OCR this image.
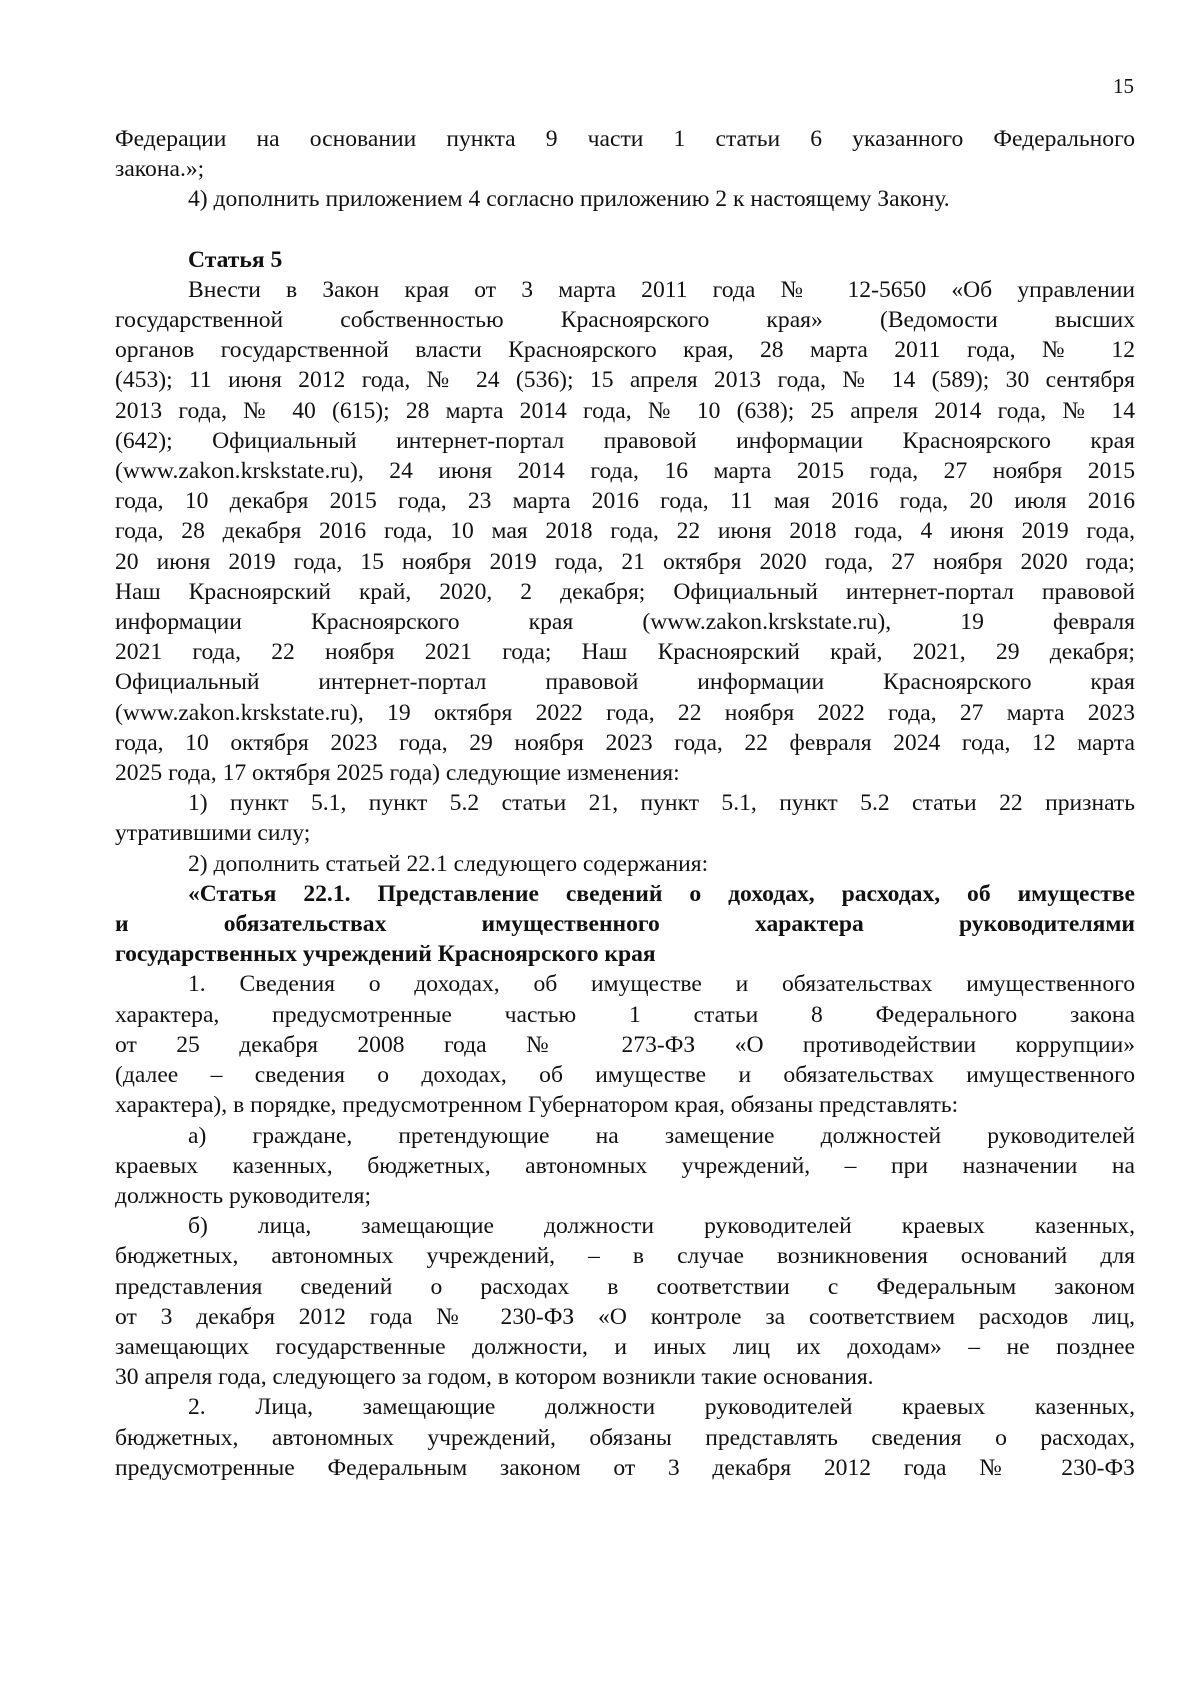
15
Федерации на основании пункта 9 части 1 статьи 6 указанного Федерального
закона.»;
4) дополнить приложением 4 согласно приложению 2 к настоящему Закону.
Статья 5
Внести в Закон края от 3 марта 2011 года № 12-5650 «Об управлении
государственной собственностью Красноярского края» (Ведомости высших
органов государственной власти Красноярского края, 28 марта 2011 года, № 12
(453); 11 июня 2012 года, № 24 (536); 15 апреля 2013 года, № 14 (589); 30 сентября
2013 года, № 40 (615); 28 марта 2014 года, № 10 (638); 25 апреля 2014 года, № 14
(642); Официальный интернет-портал правовой информации Красноярского края
(www.zakon.krskstate.ru), 24 июня 2014 года, 16 марта 2015 года, 27 ноября 2015
года, 10 декабря 2015 года, 23 марта 2016 года, 11 мая 2016 года, 20 июля 2016
года, 28 декабря 2016 года, 10 мая 2018 года, 22 июня 2018 года, 4 июня 2019 года,
20 июня 2019 года, 15 ноября 2019 года, 21 октября 2020 года, 27 ноября 2020 года;
Наш Красноярский край, 2020, 2 декабря; Официальный интернет-портал правовой
информации Красноярского края (www.zakon.krskstate.ru), 19 февраля
2021 года, 22 ноября 2021 года; Наш Красноярский край, 2021, 29 декабря;
Официальный интернет-портал правовой информации Красноярского края
(www.zakon.krskstate.ru), 19 октября 2022 года, 22 ноября 2022 года, 27 марта 2023
года, 10 октября 2023 года, 29 ноября 2023 года, 22 февраля 2024 года, 12 марта
2025 года, 17 октября 2025 года) следующие изменения:
1) пункт 5.1, пункт 5.2 статьи 21, пункт 5.1, пункт 5.2 статьи 22 признать
утратившими силу;
2) дополнить статьей 22.1 следующего содержания:
«Статья 22.1. Представление сведений о доходах, расходах, об имуществе
и обязательствах имущественного характера руководителями
государственных учреждений Красноярского края
1. Сведения о доходах, об имуществе и обязательствах имущественного
характера, предусмотренные частью 1 статьи 8 Федерального закона
от 25 декабря 2008 года № 273-ФЗ «О противодействии коррупции»
(далее – сведения о доходах, об имуществе и обязательствах имущественного
характера), в порядке, предусмотренном Губернатором края, обязаны представлять:
а) граждане, претендующие на замещение должностей руководителей
краевых казенных, бюджетных, автономных учреждений, – при назначении на
должность руководителя;
б) лица, замещающие должности руководителей краевых казенных,
бюджетных, автономных учреждений, – в случае возникновения оснований для
представления сведений о расходах в соответствии с Федеральным законом
от 3 декабря 2012 года № 230-ФЗ «О контроле за соответствием расходов лиц,
замещающих государственные должности, и иных лиц их доходам» – не позднее
30 апреля года, следующего за годом, в котором возникли такие основания.
2. Лица, замещающие должности руководителей краевых казенных,
бюджетных, автономных учреждений, обязаны представлять сведения о расходах,
предусмотренные Федеральным законом от 3 декабря 2012 года № 230-ФЗ
